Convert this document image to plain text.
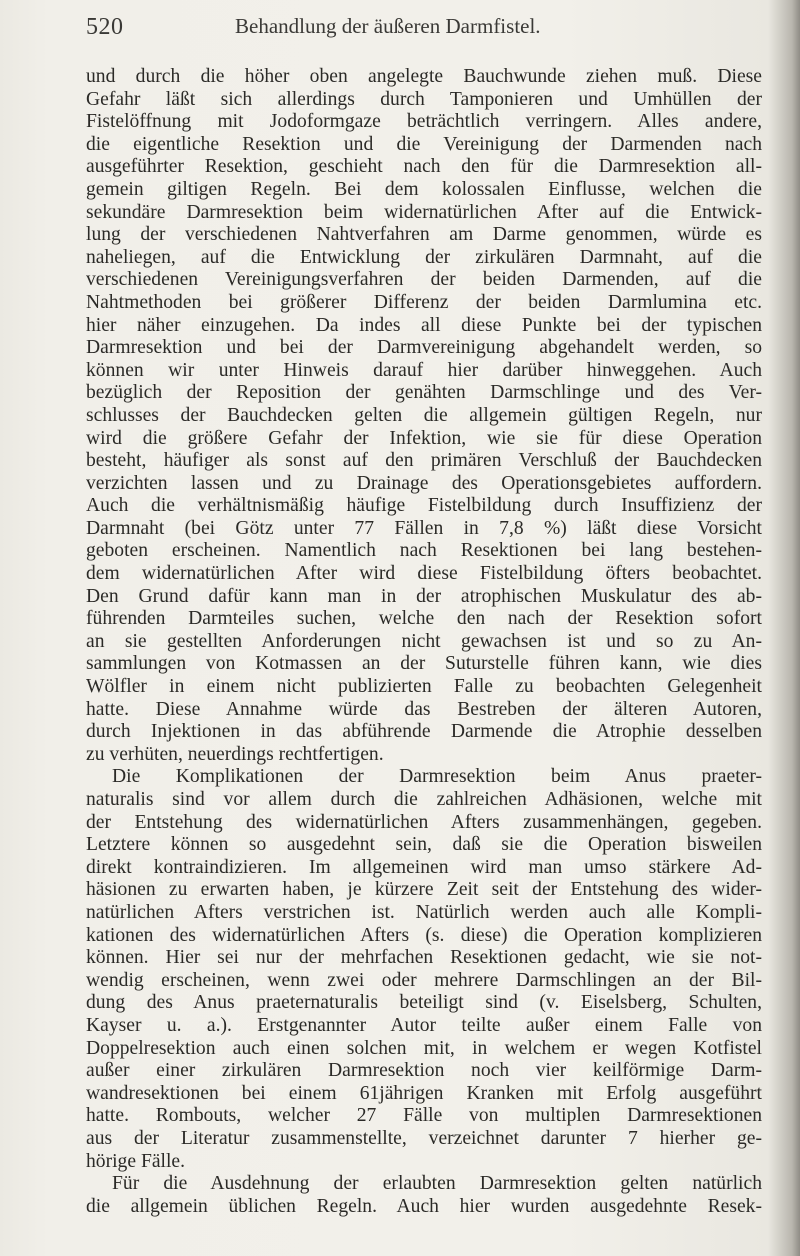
520	Behandlung der äußeren Darmfistel.
und durch die höher oben angelegte Bauchwunde ziehen muß. Diese
Gefahr läßt sich allerdings durch Tamponieren und Umhüllen der
Fistelöffnung mit Jodoformgaze beträchtlich verringern. Alles andere,
die eigentliche Resektion und die Vereinigung der Darmenden nach
ausgeführter Resektion, geschieht nach den für die Darmresektion all-
gemein giltigen Regeln. Bei dem kolossalen Einflusse, welchen die
sekundäre Darmresektion beim widernatürlichen After auf die Entwick-
lung der verschiedenen Nahtverfahren am Darme genommen, würde es
naheliegen, auf die Entwicklung der zirkulären Darmnaht, auf die
verschiedenen Vereinigungsverfahren der beiden Darmenden, auf die
Nahtmethoden bei größerer Differenz der beiden Darmlumina etc.
hier näher einzugehen. Da indes all diese Punkte bei der typischen
Darmresektion und bei der Darmvereinigung abgehandelt werden, so
können wir unter Hinweis darauf hier darüber hinweggehen. Auch
bezüglich der Reposition der genähten Darmschlinge und des Ver-
schlusses der Bauchdecken gelten die allgemein gültigen Regeln, nur
wird die größere Gefahr der Infektion, wie sie für diese Operation
besteht, häufiger als sonst auf den primären Verschluß der Bauchdecken
verzichten lassen und zu Drainage des Operationsgebietes auffordern.
Auch die verhältnismäßig häufige Fistelbildung durch Insuffizienz der
Darmnaht (bei Götz unter 77 Fällen in 7,8 %) läßt diese Vorsicht
geboten erscheinen. Namentlich nach Resektionen bei lang bestehen-
dem widernatürlichen After wird diese Fistelbildung öfters beobachtet.
Den Grund dafür kann man in der atrophischen Muskulatur des ab-
führenden Darmteiles suchen, welche den nach der Resektion sofort
an sie gestellten Anforderungen nicht gewachsen ist und so zu An-
sammlungen von Kotmassen an der Suturstelle führen kann, wie dies
Wölfler in einem nicht publizierten Falle zu beobachten Gelegenheit
hatte. Diese Annahme würde das Bestreben der älteren Autoren,
durch Injektionen in das abführende Darmende die Atrophie desselben
zu verhüten, neuerdings rechtfertigen.
Die Komplikationen der Darmresektion beim Anus praeter-
naturalis sind vor allem durch die zahlreichen Adhäsionen, welche mit
der Entstehung des widernatürlichen Afters zusammenhängen, gegeben.
Letztere können so ausgedehnt sein, daß sie die Operation bisweilen
direkt kontraindizieren. Im allgemeinen wird man umso stärkere Ad-
häsionen zu erwarten haben, je kürzere Zeit seit der Entstehung des wider-
natürlichen Afters verstrichen ist. Natürlich werden auch alle Kompli-
kationen des widernatürlichen Afters (s. diese) die Operation komplizieren
können. Hier sei nur der mehrfachen Resektionen gedacht, wie sie not-
wendig erscheinen, wenn zwei oder mehrere Darmschlingen an der Bil-
dung des Anus praeternaturalis beteiligt sind (v. Eiselsberg, Schulten,
Kayser u. a.). Erstgenannter Autor teilte außer einem Falle von
Doppelresektion auch einen solchen mit, in welchem er wegen Kotfistel
außer einer zirkulären Darmresektion noch vier keilförmige Darm-
wandresektionen bei einem 61jährigen Kranken mit Erfolg ausgeführt
hatte. Rombouts, welcher 27 Fälle von multiplen Darmresektionen
aus der Literatur zusammenstellte, verzeichnet darunter 7 hierher ge-
hörige Fälle.
Für die Ausdehnung der erlaubten Darmresektion gelten natürlich
die allgemein üblichen Regeln. Auch hier wurden ausgedehnte Resek-
